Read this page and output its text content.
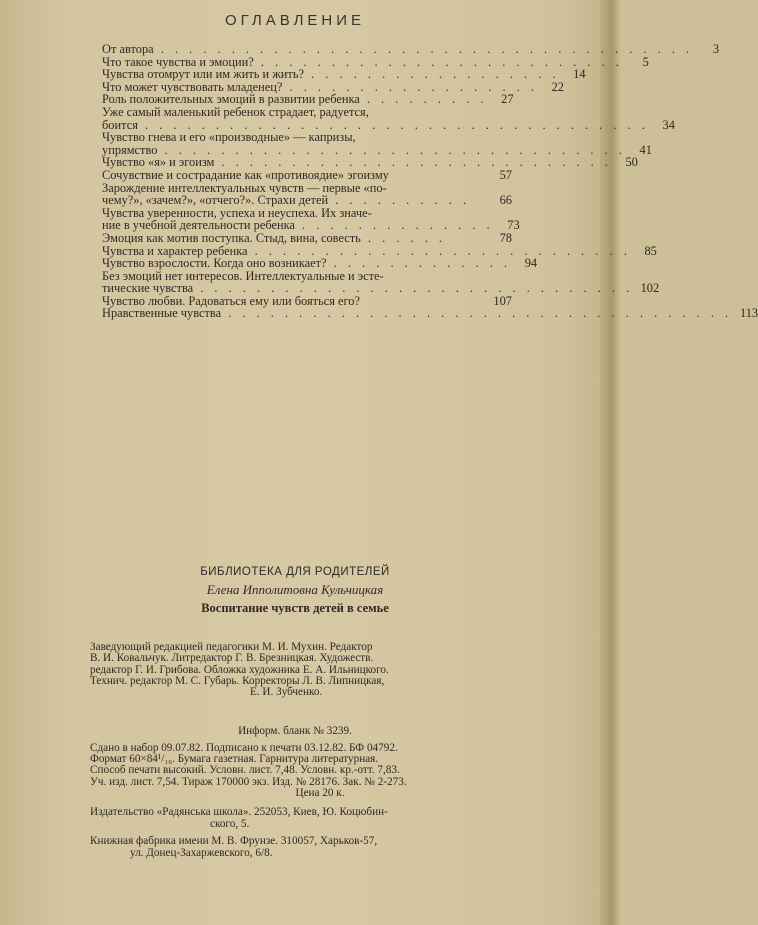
ОГЛАВЛЕНИЕ
От автора . . . . . . . . . . . . . . . . . . . . . . . . . . . . . . . . . . . . . .	3
Что такое чувства и эмоции? . . . . . . . . . . . . . . . . . . . . . . . . . .	5
Чувства отомрут или им жить и жить? . . . . . . . . . . . . . . . . . .	14
Что может чувствовать младенец? . . . . . . . . . . . . . . . . . .	22
Роль положительных эмоций в развитии ребенка . . . . . . . . .	27
Уже самый маленький ребенок страдает, радуется,
боится . . . . . . . . . . . . . . . . . . . . . . . . . . . . . . . . . . . .	34
Чувство гнева и его «производные» — капризы,
упрямство . . . . . . . . . . . . . . . . . . . . . . . . . . . . . . . . .	41
Чувство «я» и эгоизм . . . . . . . . . . . . . . . . . . . . . . . . . . . .	50
Сочувствие и сострадание как «противоядие» эгоизму	57
Зарождение интеллектуальных чувств — первые «по-
чему?», «зачем?», «отчего?». Страхи детей . . . . . . . . . .	66
Чувства уверенности, успеха и неуспеха. Их значе-
ние в учебной деятельности ребенка . . . . . . . . . . . . . .	73
Эмоция как мотив поступка. Стыд, вина, совесть . . . . . .	78
Чувства и характер ребенка . . . . . . . . . . . . . . . . . . . . . . . . . . .	85
Чувство взрослости. Когда оно возникает? . . . . . . . . . . . . .	94
Без эмоций нет интересов. Интеллектуальные и эсте-
тические чувства . . . . . . . . . . . . . . . . . . . . . . . . . . . . . . . 102
Чувство любви. Радоваться ему или бояться его?	107
Нравственные чувства . . . . . . . . . . . . . . . . . . . . . . . . . . . . . . . . . . . . 113
БИБЛИОТЕКА ДЛЯ РОДИТЕЛЕЙ
Елена Ипполитовна Кульчицкая
Воспитание чувств детей в семье
Заведующий редакцией педагогики М. И. Мухин. Редактор
В. И. Ковальчук. Литредактор Г. В. Брезницкая. Художеств.
редактор Г. И. Грибова. Обложка художника Е. А. Ильницкого.
Технич. редактор М. С. Губарь. Корректоры Л. В. Липницкая,
Е. И. Зубченко.
Информ. бланк № 3239.
Сдано в набор 09.07.82. Подписано к печати 03.12.82. БФ 04792.
Формат 60×84¹/₁₆. Бумага газетная. Гарнитура литературная.
Способ печати высокий. Условн. лист. 7,48. Условн. кр.-отт. 7,83.
Уч. изд. лист. 7,54. Тираж 170000 экз. Изд. № 28176. Зак. № 2-273.
Цена 20 к.
Издательство «Радянська школа». 252053, Киев, Ю. Коцюбин-
ского, 5.
Книжная фабрика имени М. В. Фрунзе. 310057, Харьков-57,
ул. Донец-Захаржевского, 6/8.
